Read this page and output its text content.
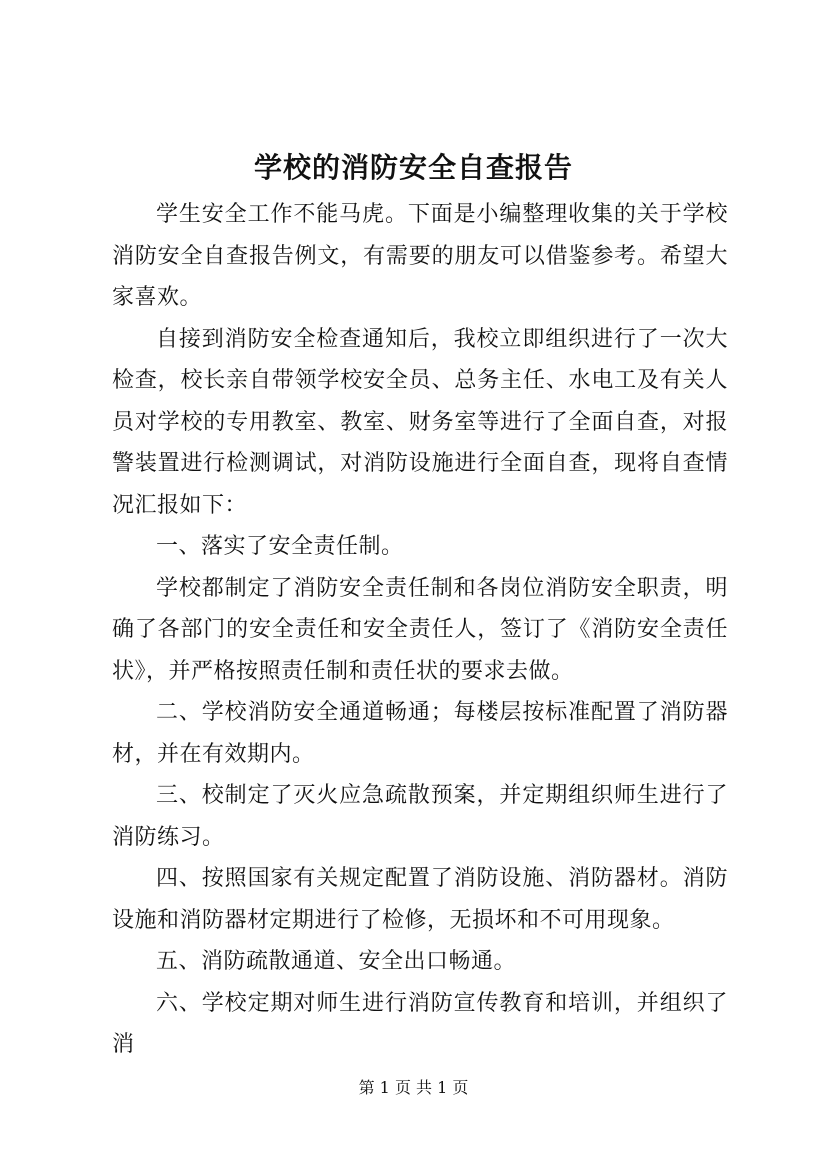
学校的消防安全自查报告

学生安全工作不能马虎。下面是小编整理收集的关于学校消防安全自查报告例文，有需要的朋友可以借鉴参考。希望大家喜欢。

自接到消防安全检查通知后，我校立即组织进行了一次大检查，校长亲自带领学校安全员、总务主任、水电工及有关人员对学校的专用教室、教室、财务室等进行了全面自查，对报警装置进行检测调试，对消防设施进行全面自查，现将自查情况汇报如下：

一、落实了安全责任制。

学校都制定了消防安全责任制和各岗位消防安全职责，明确了各部门的安全责任和安全责任人，签订了《消防安全责任状》，并严格按照责任制和责任状的要求去做。

二、学校消防安全通道畅通；每楼层按标准配置了消防器材，并在有效期内。

三、校制定了灭火应急疏散预案，并定期组织师生进行了消防练习。

四、按照国家有关规定配置了消防设施、消防器材。消防设施和消防器材定期进行了检修，无损坏和不可用现象。

五、消防疏散通道、安全出口畅通。

六、学校定期对师生进行消防宣传教育和培训，并组织了消

第 1 页 共 1 页
